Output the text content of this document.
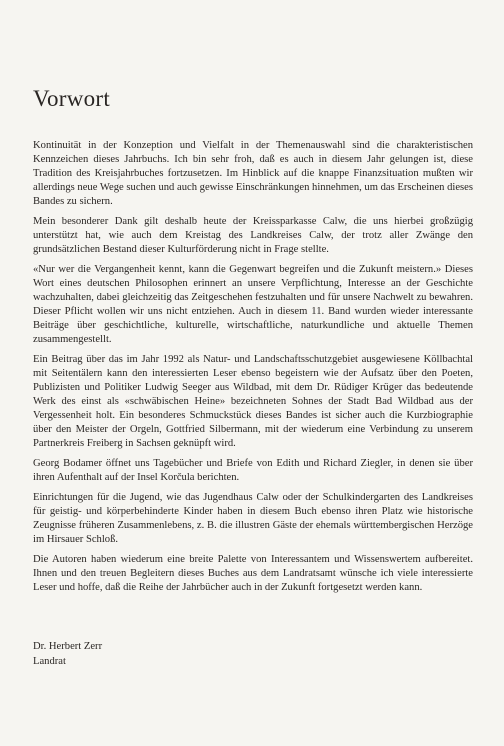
Vorwort

Kontinuität in der Konzeption und Vielfalt in der Themenauswahl sind die charakteristischen Kennzeichen dieses Jahrbuchs. Ich bin sehr froh, daß es auch in diesem Jahr gelungen ist, diese Tradition des Kreisjahrbuches fortzusetzen. Im Hinblick auf die knappe Finanzsituation mußten wir allerdings neue Wege suchen und auch gewisse Einschränkungen hinnehmen, um das Erscheinen dieses Bandes zu sichern.

Mein besonderer Dank gilt deshalb heute der Kreissparkasse Calw, die uns hierbei großzügig unterstützt hat, wie auch dem Kreistag des Landkreises Calw, der trotz aller Zwänge den grundsätzlichen Bestand dieser Kulturförderung nicht in Frage stellte.

«Nur wer die Vergangenheit kennt, kann die Gegenwart begreifen und die Zukunft meistern.» Dieses Wort eines deutschen Philosophen erinnert an unsere Verpflichtung, Interesse an der Geschichte wachzuhalten, dabei gleichzeitig das Zeitgeschehen festzuhalten und für unsere Nachwelt zu bewahren. Dieser Pflicht wollen wir uns nicht entziehen. Auch in diesem 11. Band wurden wieder interessante Beiträge über geschichtliche, kulturelle, wirtschaftliche, naturkundliche und aktuelle Themen zusammengestellt.

Ein Beitrag über das im Jahr 1992 als Natur- und Landschaftsschutzgebiet ausgewiesene Köllbachtal mit Seitentälern kann den interessierten Leser ebenso begeistern wie der Aufsatz über den Poeten, Publizisten und Politiker Ludwig Seeger aus Wildbad, mit dem Dr. Rüdiger Krüger das bedeutende Werk des einst als «schwäbischen Heine» bezeichneten Sohnes der Stadt Bad Wildbad aus der Vergessenheit holt. Ein besonderes Schmuckstück dieses Bandes ist sicher auch die Kurzbiographie über den Meister der Orgeln, Gottfried Silbermann, mit der wiederum eine Verbindung zu unserem Partnerkreis Freiberg in Sachsen geknüpft wird.

Georg Bodamer öffnet uns Tagebücher und Briefe von Edith und Richard Ziegler, in denen sie über ihren Aufenthalt auf der Insel Korčula berichten.

Einrichtungen für die Jugend, wie das Jugendhaus Calw oder der Schulkindergarten des Landkreises für geistig- und körperbehinderte Kinder haben in diesem Buch ebenso ihren Platz wie historische Zeugnisse früheren Zusammenlebens, z. B. die illustren Gäste der ehemals württembergischen Herzöge im Hirsauer Schloß.

Die Autoren haben wiederum eine breite Palette von Interessantem und Wissenswertem aufbereitet. Ihnen und den treuen Begleitern dieses Buches aus dem Landratsamt wünsche ich viele interessierte Leser und hoffe, daß die Reihe der Jahrbücher auch in der Zukunft fortgesetzt werden kann.

Dr. Herbert Zerr
Landrat
